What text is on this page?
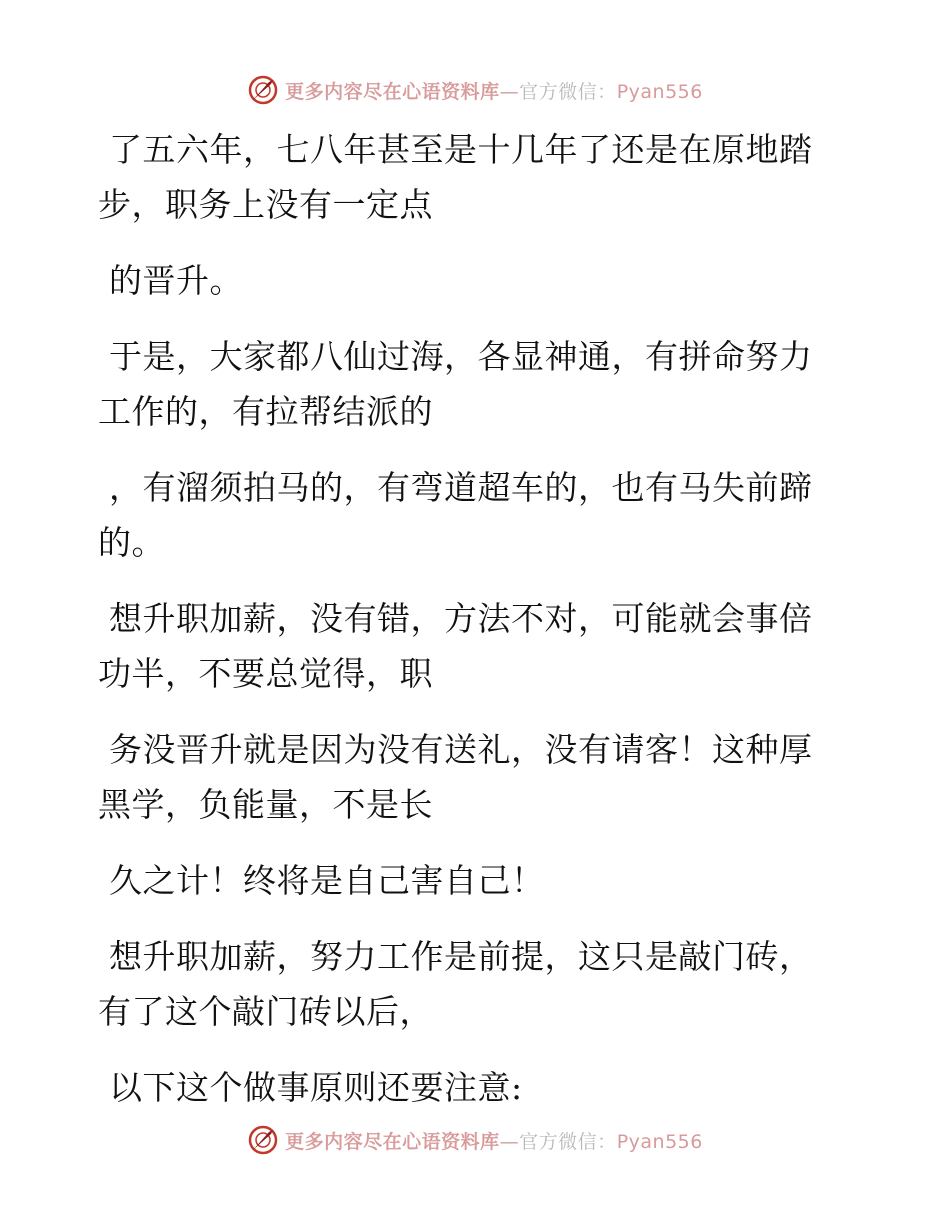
更多内容尽在心语资料库—官方微信：Pyan556

了五六年，七八年甚至是十几年了还是在原地踏
步，职务上没有一定点

的晋升。

于是，大家都八仙过海，各显神通，有拼命努力
工作的，有拉帮结派的

，有溜须拍马的，有弯道超车的，也有马失前蹄
的。

想升职加薪，没有错，方法不对，可能就会事倍
功半，不要总觉得，职

务没晋升就是因为没有送礼，没有请客！这种厚
黑学，负能量，不是长

久之计！终将是自己害自己！

想升职加薪，努力工作是前提，这只是敲门砖，
有了这个敲门砖以后，

以下这个做事原则还要注意:

更多内容尽在心语资料库—官方微信：Pyan556
